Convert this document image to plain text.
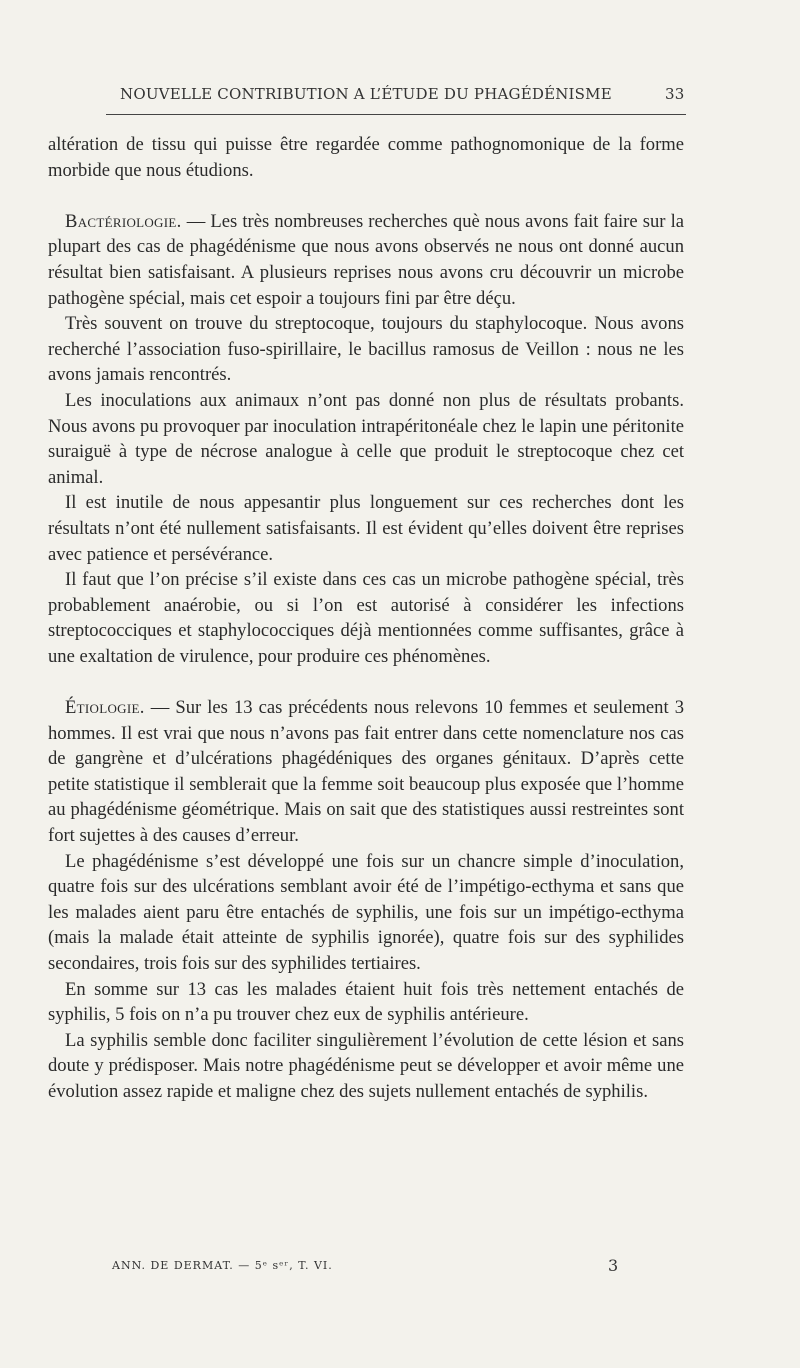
NOUVELLE CONTRIBUTION A L’ÉTUDE DU PHAGÉDÉNISME	33

altération de tissu qui puisse être regardée comme pathognomonique de la forme morbide que nous étudions.

Bactériologie. — Les très nombreuses recherches què nous avons fait faire sur la plupart des cas de phagédénisme que nous avons observés ne nous ont donné aucun résultat bien satisfaisant. A plusieurs reprises nous avons cru découvrir un microbe pathogène spécial, mais cet espoir a toujours fini par être déçu.

Très souvent on trouve du streptocoque, toujours du staphylocoque. Nous avons recherché l’association fuso-spirillaire, le bacillus ramosus de Veillon : nous ne les avons jamais rencontrés.

Les inoculations aux animaux n’ont pas donné non plus de résultats probants. Nous avons pu provoquer par inoculation intrapéritonéale chez le lapin une péritonite suraiguë à type de nécrose analogue à celle que produit le streptocoque chez cet animal.

Il est inutile de nous appesantir plus longuement sur ces recherches dont les résultats n’ont été nullement satisfaisants. Il est évident qu’elles doivent être reprises avec patience et persévérance.

Il faut que l’on précise s’il existe dans ces cas un microbe pathogène spécial, très probablement anaérobie, ou si l’on est autorisé à considérer les infections streptococciques et staphylococciques déjà mentionnées comme suffisantes, grâce à une exaltation de virulence, pour produire ces phénomènes.

Étiologie. — Sur les 13 cas précédents nous relevons 10 femmes et seulement 3 hommes. Il est vrai que nous n’avons pas fait entrer dans cette nomenclature nos cas de gangrène et d’ulcérations phagédéniques des organes génitaux. D’après cette petite statistique il semblerait que la femme soit beaucoup plus exposée que l’homme au phagédénisme géométrique. Mais on sait que des statistiques aussi restreintes sont fort sujettes à des causes d’erreur.

Le phagédénisme s’est développé une fois sur un chancre simple d’inoculation, quatre fois sur des ulcérations semblant avoir été de l’impétigo-ecthyma et sans que les malades aient paru être entachés de syphilis, une fois sur un impétigo-ecthyma (mais la malade était atteinte de syphilis ignorée), quatre fois sur des syphilides secondaires, trois fois sur des syphilides tertiaires.

En somme sur 13 cas les malades étaient huit fois très nettement entachés de syphilis, 5 fois on n’a pu trouver chez eux de syphilis antérieure.

La syphilis semble donc faciliter singulièrement l’évolution de cette lésion et sans doute y prédisposer. Mais notre phagédénisme peut se développer et avoir même une évolution assez rapide et maligne chez des sujets nullement entachés de syphilis.

ANN. DE DERMAT. — 5ᵉ sᵉʳ, T. VI.	3
